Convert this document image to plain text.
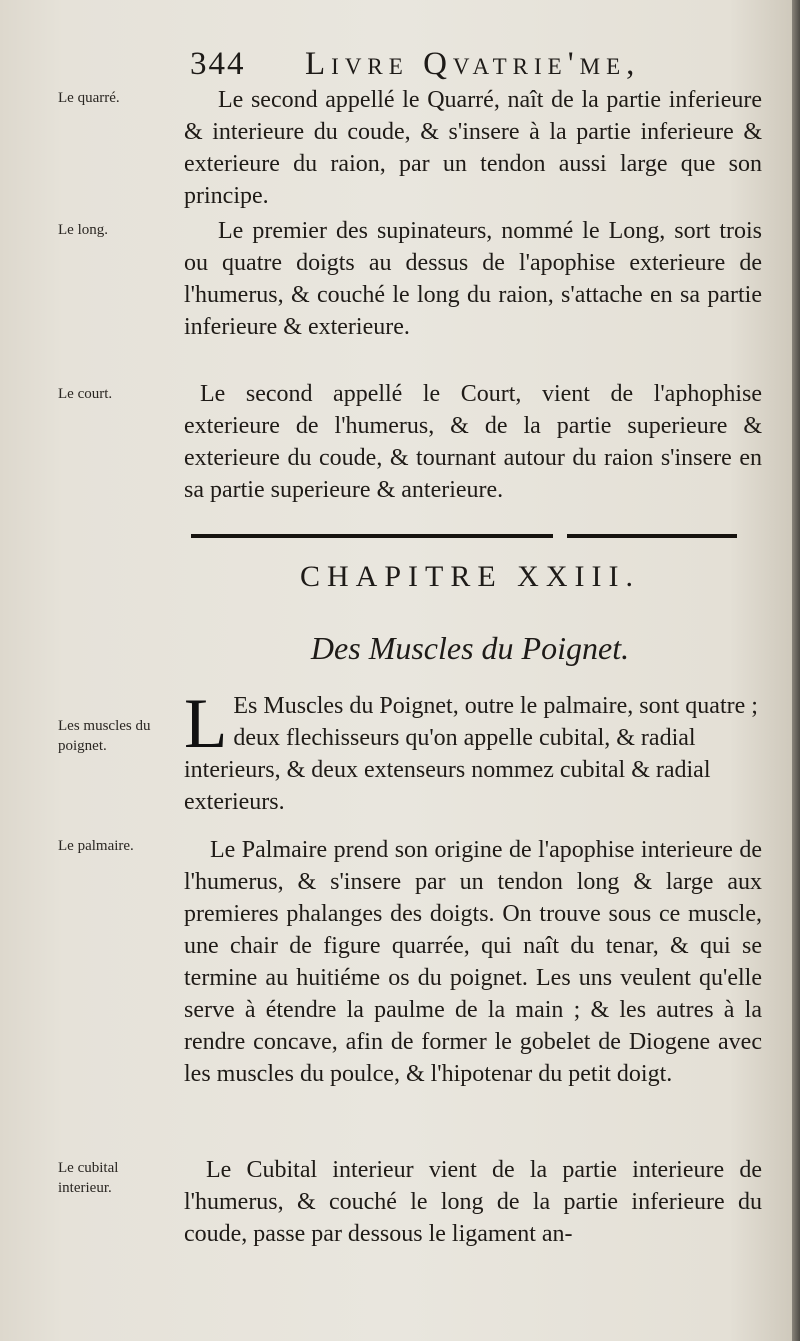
344 Livre Qvatrie'me,
Le quarré.	Le second appellé le Quarré, naît de la partie inferieure & interieure du coude, & s'insere à la partie inferieure & exterieure du raion, par un tendon aussi large que son principe.
Le long.	Le premier des supinateurs, nommé le Long, sort trois ou quatre doigts au dessus de l'apophise exterieure de l'humerus, & couché le long du raion, s'attache en sa partie inferieure & exterieure.
Le court.	Le second appellé le Court, vient de l'aphophise exterieure de l'humerus, & de la partie superieure & exterieure du coude, & tournant autour du raion s'insere en sa partie superieure & anterieure.
CHAPITRE XXIII.
Des Muscles du Poignet.
Les muscles du poignet.	L Es Muscles du Poignet, outre le palmaire, sont quatre ; deux flechisseurs qu'on appelle cubital, & radial interieurs, & deux extenseurs nommez cubital & radial exterieurs.
Le palmaire.	Le Palmaire prend son origine de l'apophise interieure de l'humerus, & s'insere par un tendon long & large aux premieres phalanges des doigts. On trouve sous ce muscle, une chair de figure quarrée, qui naît du tenar, & qui se termine au huitiéme os du poignet. Les uns veulent qu'elle serve à étendre la paulme de la main ; & les autres à la rendre concave, afin de former le gobelet de Diogene avec les muscles du poulce, & l'hipotenar du petit doigt.
Le cubital interieur.
Le Cubital interieur vient de la partie interieure de l'humerus, & couché le long de la partie inferieure du coude, passe par dessous le ligament an-
